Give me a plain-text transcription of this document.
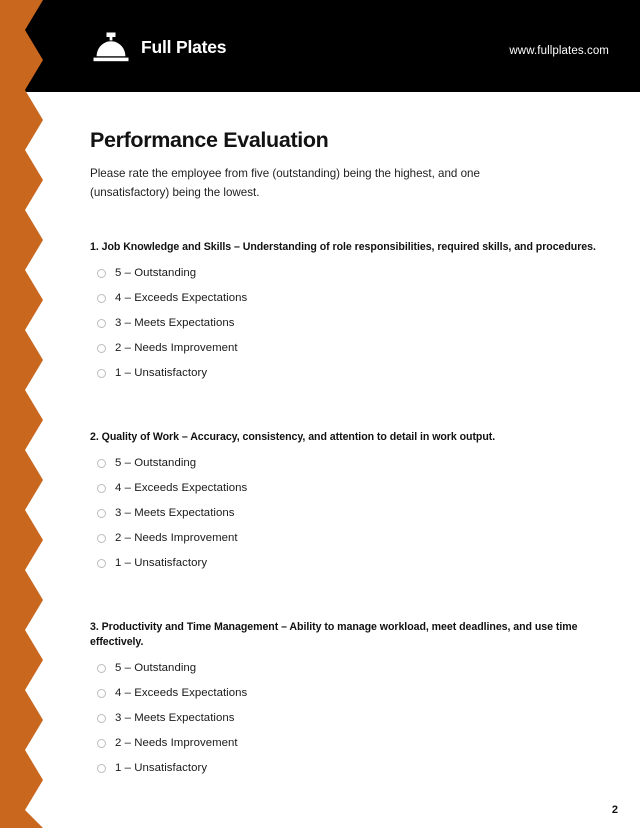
Full Plates	www.fullplates.com
Performance Evaluation

Please rate the employee from five (outstanding) being the highest, and one (unsatisfactory) being the lowest.

1. Job Knowledge and Skills – Understanding of role responsibilities, required skills, and procedures.
5 – Outstanding
4 – Exceeds Expectations
3 – Meets Expectations
2 – Needs Improvement
1 – Unsatisfactory
2. Quality of Work – Accuracy, consistency, and attention to detail in work output.
5 – Outstanding
4 – Exceeds Expectations
3 – Meets Expectations
2 – Needs Improvement
1 – Unsatisfactory
3. Productivity and Time Management – Ability to manage workload, meet deadlines, and use time effectively.
5 – Outstanding
4 – Exceeds Expectations
3 – Meets Expectations
2 – Needs Improvement
1 – Unsatisfactory
2
